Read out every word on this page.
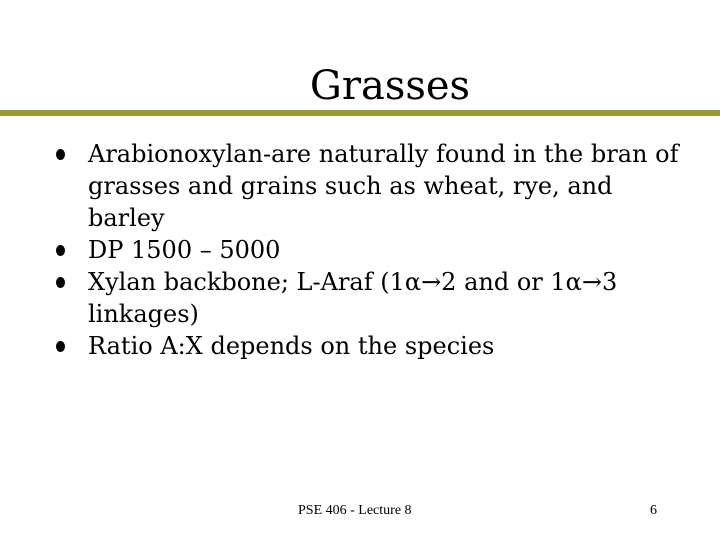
Grasses
Arabionoxylan-are naturally found in the bran of grasses and grains such as wheat, rye, and barley
DP 1500 – 5000
Xylan backbone; L-Araf (1α→2 and or 1α→3 linkages)
Ratio A:X depends on the species
PSE 406 - Lecture 8	6
